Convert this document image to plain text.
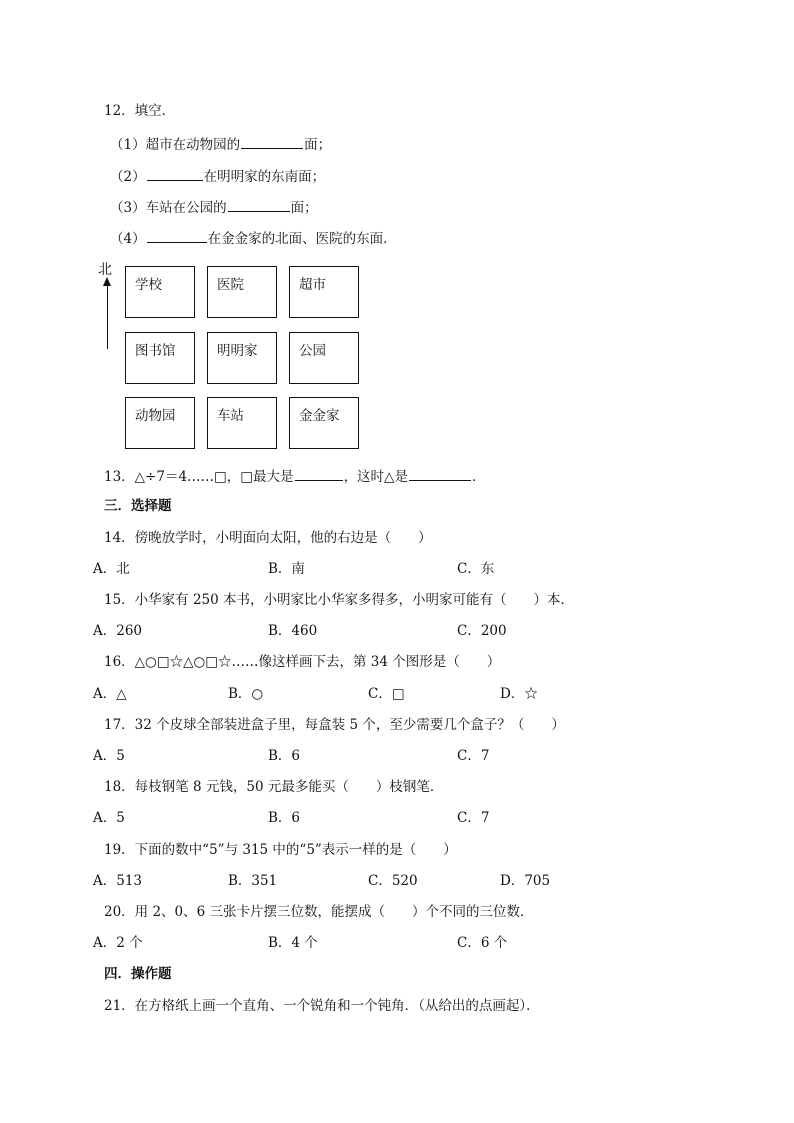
12．填空．
（1）超市在动物园的	面；
（2）	在明明家的东南面；
（3）车站在公园的	面；
（4）	在金金家的北面、医院的东面．
北
学校	医院	超市
图书馆	明明家	公园
动物园	车站	金金家
13．△÷7＝4……□，□最大是	，这时△是	．
三．选择题
14．傍晚放学时，小明面向太阳，他的右边是（　　）
A．北	B．南	C．东
15．小华家有 250 本书，小明家比小华家多得多，小明家可能有（　　）本．
A．260	B．460	C．200
16．△○□☆△○□☆……像这样画下去，第 34 个图形是（　　）
A．△	B．○	C．□	D．☆
17．32 个皮球全部装进盒子里，每盒装 5 个，至少需要几个盒子？（　　）
A．5	B．6	C．7
18．每枝钢笔 8 元钱，50 元最多能买（　　）枝钢笔．
A．5	B．6	C．7
19．下面的数中“5”与 315 中的“5”表示一样的是（　　）
A．513	B．351	C．520	D．705
20．用 2、0、6 三张卡片摆三位数，能摆成（　　）个不同的三位数．
A．2 个	B．4 个	C．6 个
四．操作题
21．在方格纸上画一个直角、一个锐角和一个钝角．（从给出的点画起）．
